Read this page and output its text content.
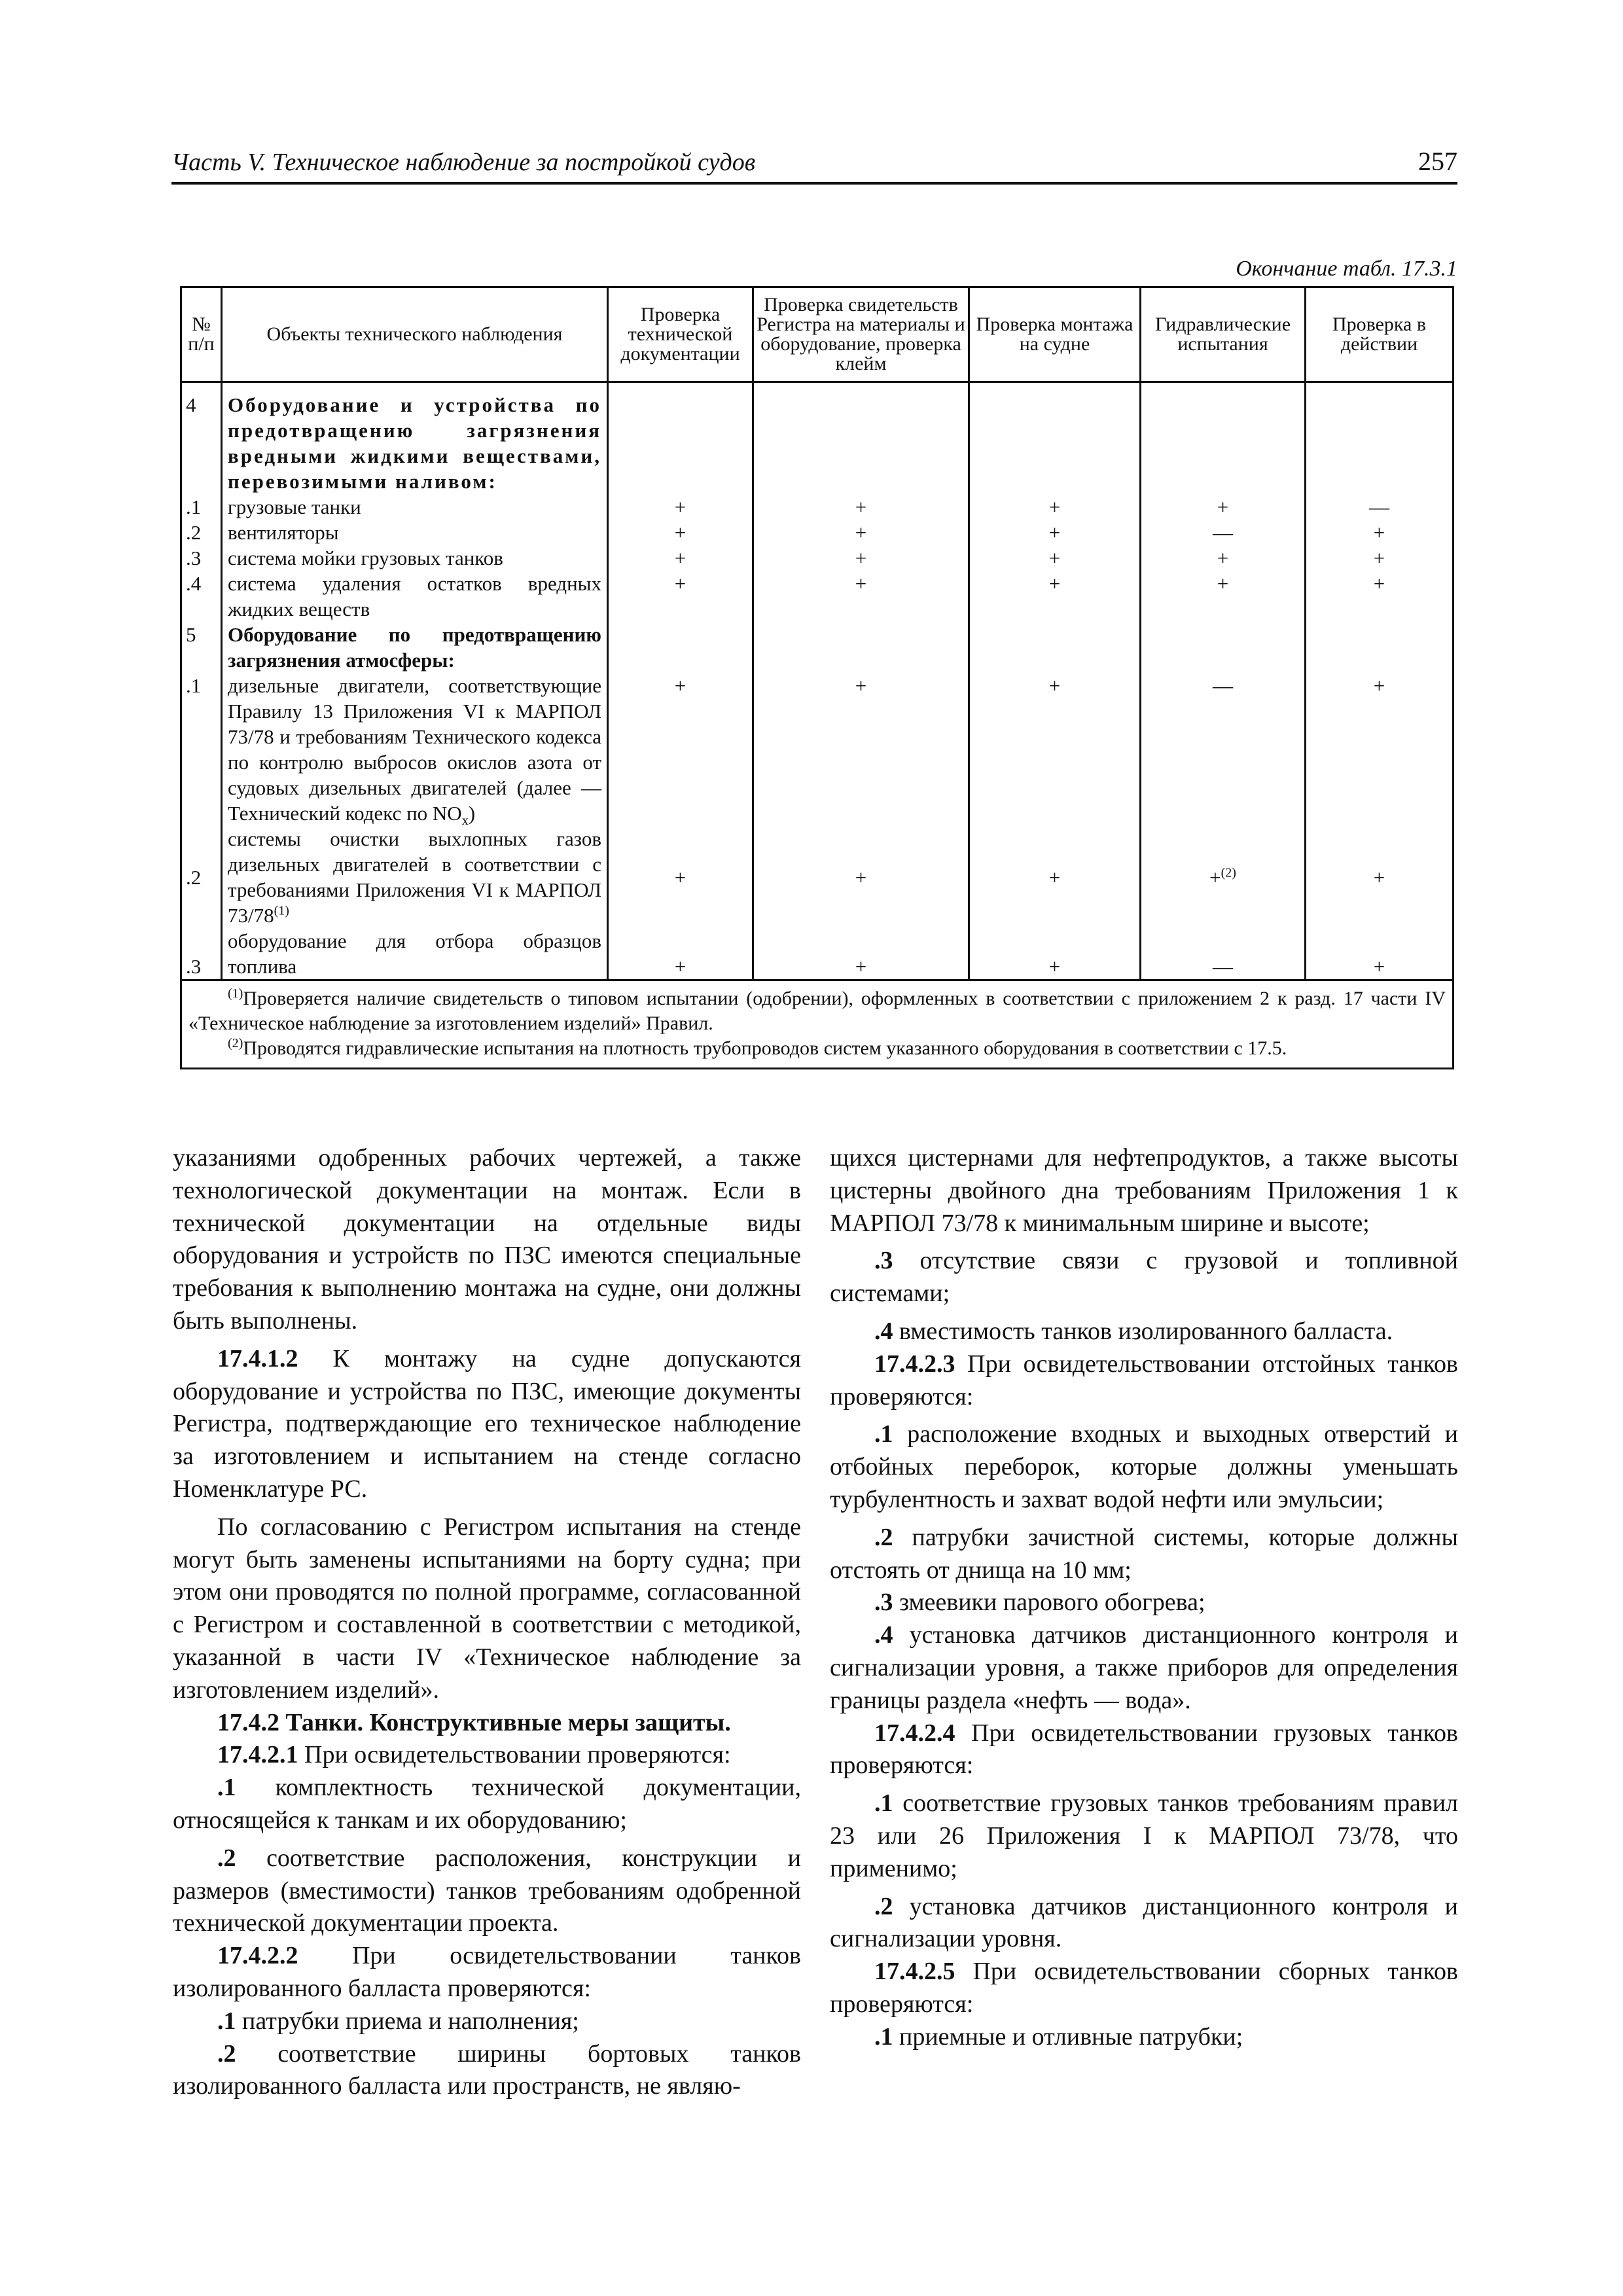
Часть V. Техническое наблюдение за постройкой судов	257
Окончание табл. 17.3.1
№ п/п	Объекты технического наблюдения	Проверка технической документации	Проверка свидетельств Регистра на материалы и оборудование, проверка клейм	Проверка монтажа на судне	Гидравлические испытания	Проверка в действии
4	Оборудование и устройства по предотвращению загрязнения вредными жидкими веществами, перевозимыми наливом:					
.1	грузовые танки	+	+	+	+	—
.2	вентиляторы	+	+	+	—	+
.3	система мойки грузовых танков	+	+	+	+	+
.4	система удаления остатков вредных жидких веществ	+	+	+	+	+
5	Оборудование по предотвращению загрязнения атмосферы:					
.1	дизельные двигатели, соответствующие Правилу 13 Приложения VI к МАРПОЛ 73/78 и требованиям Технического кодекса по контролю выбросов окислов азота от судовых дизельных двигателей (далее — Технический кодекс по $NO_x$)	+	+	+	—	+
.2	системы очистки выхлопных газов дизельных двигателей в соответствии с требованиями Приложения VI к МАРПОЛ $73/78^{(1)}$	+	+	+	+$^{(2)}$	+
.3	оборудование для отбора образцов топлива	+	+	+	—	+

$^{(1)}$Проверяется наличие свидетельств о типовом испытании (одобрении), оформленных в соответствии с приложением 2 к разд. 17 части IV «Техническое наблюдение за изготовлением изделий» Правил.
$^{(2)}$Проводятся гидравлические испытания на плотность трубопроводов систем указанного оборудования в соответствии с 17.5.						

указаниями одобренных рабочих чертежей, а также технологической документации на монтаж. Если в технической документации на отдельные виды оборудования и устройств по ПЗС имеются специальные требования к выполнению монтажа на судне, они должны быть выполнены.

17.4.1.2 К монтажу на судне допускаются оборудование и устройства по ПЗС, имеющие документы Регистра, подтверждающие его техническое наблюдение за изготовлением и испытанием на стенде согласно Номенклатуре РС.

По согласованию с Регистром испытания на стенде могут быть заменены испытаниями на борту судна; при этом они проводятся по полной программе, согласованной с Регистром и составленной в соответствии с методикой, указанной в части IV «Техническое наблюдение за изготовлением изделий».

17.4.2 Танки. Конструктивные меры защиты.

17.4.2.1 При освидетельствовании проверяются:

.1 комплектность технической документации, относящейся к танкам и их оборудованию;

.2 соответствие расположения, конструкции и размеров (вместимости) танков требованиям одобренной технической документации проекта.

17.4.2.2 При освидетельствовании танков изолированного балласта проверяются:

.1 патрубки приема и наполнения;

.2 соответствие ширины бортовых танков изолированного балласта или пространств, не являю-

щихся цистернами для нефтепродуктов, а также высоты цистерны двойного дна требованиям Приложения 1 к МАРПОЛ 73/78 к минимальным ширине и высоте;

.3 отсутствие связи с грузовой и топливной системами;

.4 вместимость танков изолированного балласта.

17.4.2.3 При освидетельствовании отстойных танков проверяются:

.1 расположение входных и выходных отверстий и отбойных переборок, которые должны уменьшать турбулентность и захват водой нефти или эмульсии;

.2 патрубки зачистной системы, которые должны отстоять от днища на 10 мм;

.3 змеевики парового обогрева;

.4 установка датчиков дистанционного контроля и сигнализации уровня, а также приборов для определения границы раздела «нефть — вода».

17.4.2.4 При освидетельствовании грузовых танков проверяются:

.1 соответствие грузовых танков требованиям правил 23 или 26 Приложения I к МАРПОЛ 73/78, что применимо;

.2 установка датчиков дистанционного контроля и сигнализации уровня.

17.4.2.5 При освидетельствовании сборных танков проверяются:

.1 приемные и отливные патрубки;
